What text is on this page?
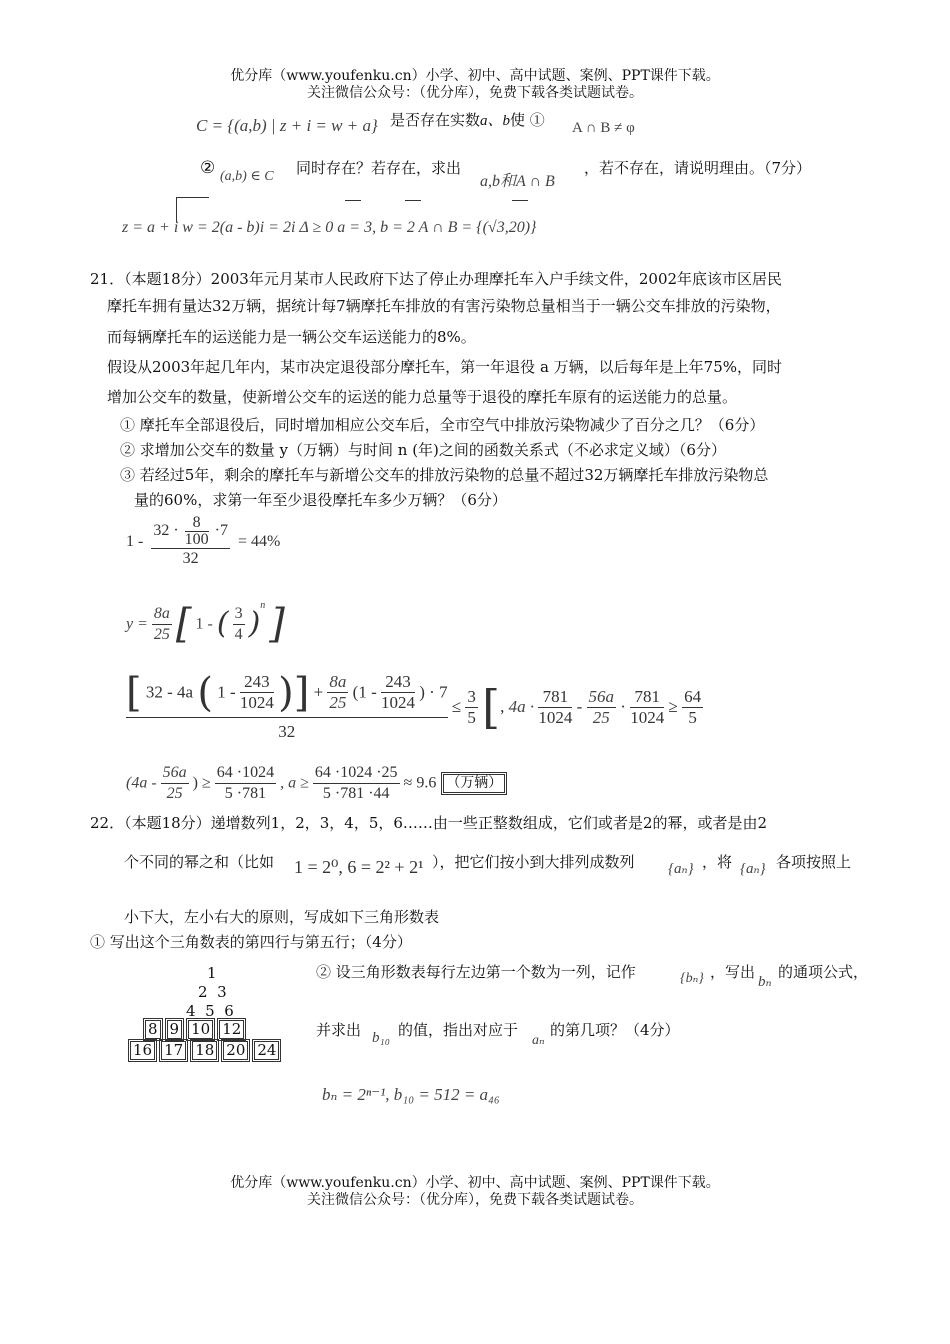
优分库（www.youfenku.cn）小学、初中、高中试题、案例、PPT课件下载。
关注微信公众号：（优分库），免费下载各类试题试卷。
C = {(a,b) | z + i = w + a} 是否存在实数a、b使 ① A ∩ B ≠ φ
② (a,b) ∈ C 同时存在？若存在，求出
a,b和A ∩ B
，若不存在，请说明理由。（7分）
z = a + i w = 2(a - b)i = 2i Δ ≥ 0 a = 3, b = 2 A ∩ B = {(√3,20)}
21．（本题18分）2003年元月某市人民政府下达了停止办理摩托车入户手续文件，2002年底该市区居民
摩托车拥有量达32万辆，据统计每7辆摩托车排放的有害污染物总量相当于一辆公交车排放的污染物，
而每辆摩托车的运送能力是一辆公交车运送能力的8%。
假设从2003年起几年内，某市决定退役部分摩托车，第一年退役 a 万辆，以后每年是上年75%，同时
增加公交车的数量，使新增公交车的运送的能力总量等于退役的摩托车原有的运送能力的总量。
① 摩托车全部退役后，同时增加相应公交车后，全市空气中排放污染物减少了百分之几？（6分）
② 求增加公交车的数量 y（万辆）与时间 n (年)之间的函数关系式（不必求定义域）（6分）
③ 若经过5年，剩余的摩托车与新增公交车的排放污染物的总量不超过32万辆摩托车排放污染物总
量的60%，求第一年至少退役摩托车多少万辆？（6分）
$1 - \frac{32 \cdot \frac{8}{100} \cdot 7}{32} = 44\%$
$y = \frac{8a}{25}$ [ 1 - ( $\frac{3}{4} )^n$ ]
[ 32 - 4a ( $1 - \frac{243}{1024}$ )] + $\frac{8a}{25} (1 - \frac{243}{1024}$ ) · 7
32
≤ $\frac{3}{5}$ [, $4a \cdot \frac{781}{1024} - \frac{56a}{25} \cdot \frac{781}{1024} \ge \frac{64}{5}$
($4a - \frac{56a}{25}$ ) ≥ $\frac{64 \cdot 1024}{5 \cdot 781}$ , $a \ge \frac{64 \cdot 1024 \cdot 25}{5 \cdot 781 \cdot 44} \approx 9.6$ （万辆）
22．（本题18分）递增数列1，2，3，4，5，6……由一些正整数组成，它们或者是2的幂，或者是由2
个不同的幂之和（比如 1 = 2⁰, 6 = 2² + 2¹ ），把它们按小到大排列成数列 {aₙ} ，将 {aₙ} 各项按照上
小下大，左小右大的原则，写成如下三角形数表
① 写出这个三角数表的第四行与第五行；（4分）
1
2 3
4 5 6
8 9 10 12
16 17 18 20 24
② 设三角形数表每行左边第一个数为一列，记作	{bₙ} ，写出
bₙ
的通项公式，
并求出 b₁₀ 的值，指出对应于
aₙ
的第几项？（4分）
bₙ = 2ⁿ⁻¹, b₁₀ = 512 = a₄₆
优分库（www.youfenku.cn）小学、初中、高中试题、案例、PPT课件下载。
关注微信公众号：（优分库），免费下载各类试题试卷。
